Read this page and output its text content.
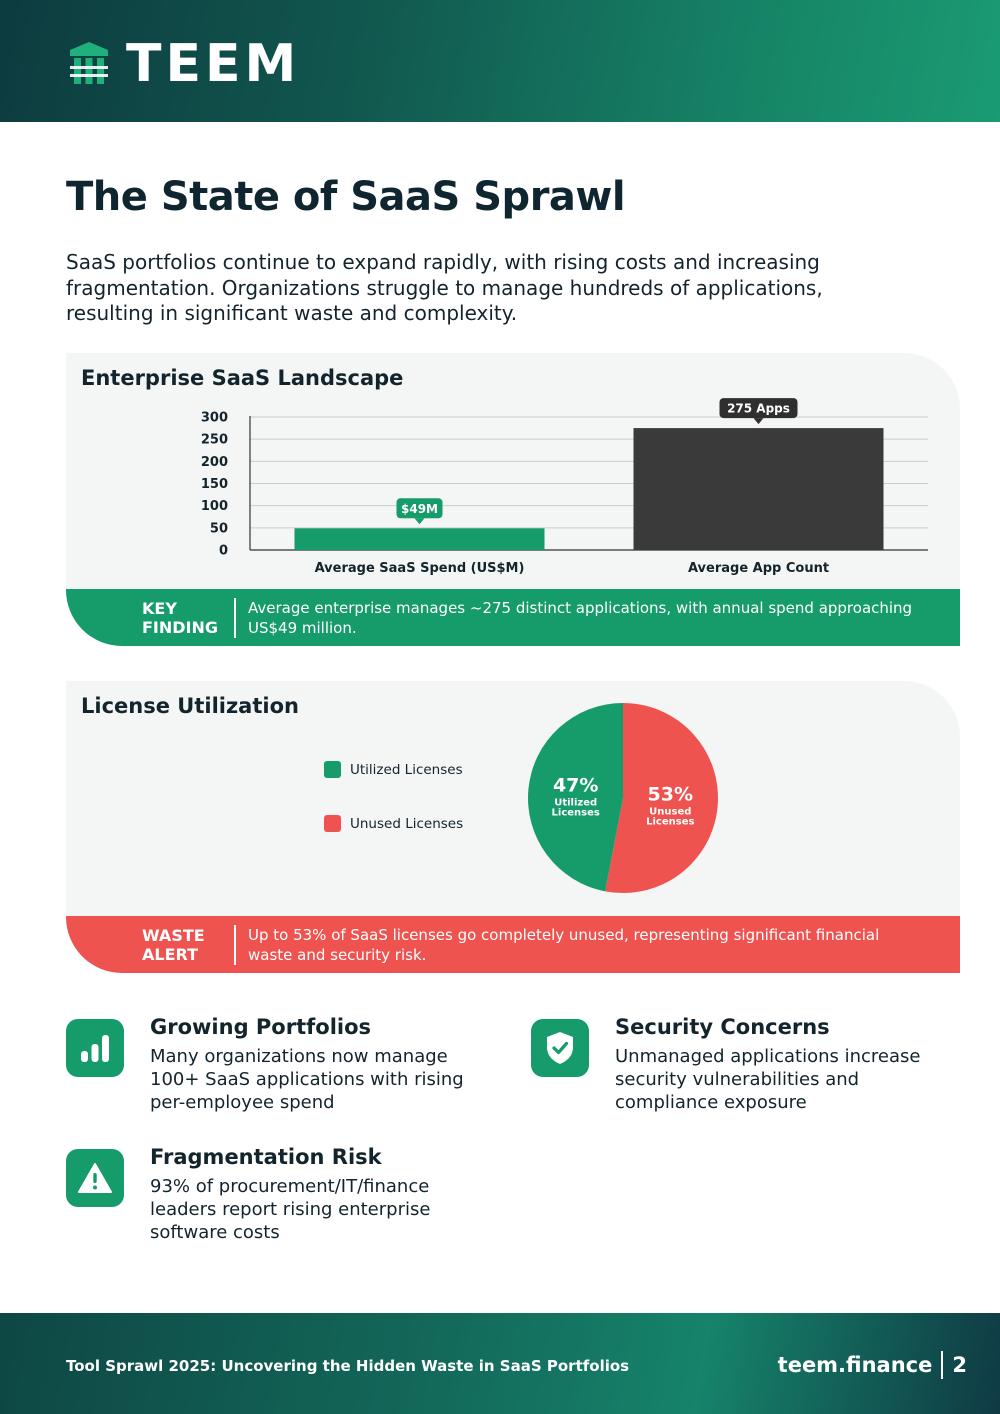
TEEM
The State of SaaS Sprawl

SaaS portfolios continue to expand rapidly, with rising costs and increasing fragmentation. Organizations struggle to manage hundreds of applications, resulting in significant waste and complexity.

Enterprise SaaS Landscape
0
50
100
150
200
250
300
Average SaaS Spend (US$M)
$49M
Average App Count
275 Apps
KEY
FINDING
Average enterprise manages ~275 distinct applications, with annual spend approaching US$49 million.
License Utilization
Utilized Licenses
Unused Licenses
53%
Unused
Licenses
47%
Utilized
Licenses
WASTE
ALERT
Up to 53% of SaaS licenses go completely unused, representing significant financial waste and security risk.
Growing Portfolios
Many organizations now manage 100+ SaaS applications with rising per-employee spend
Security Concerns
Unmanaged applications increase security vulnerabilities and compliance exposure
Fragmentation Risk
93% of procurement/IT/finance leaders report rising enterprise software costs
Tool Sprawl 2025: Uncovering the Hidden Waste in SaaS Portfolios	teem.finance 2
